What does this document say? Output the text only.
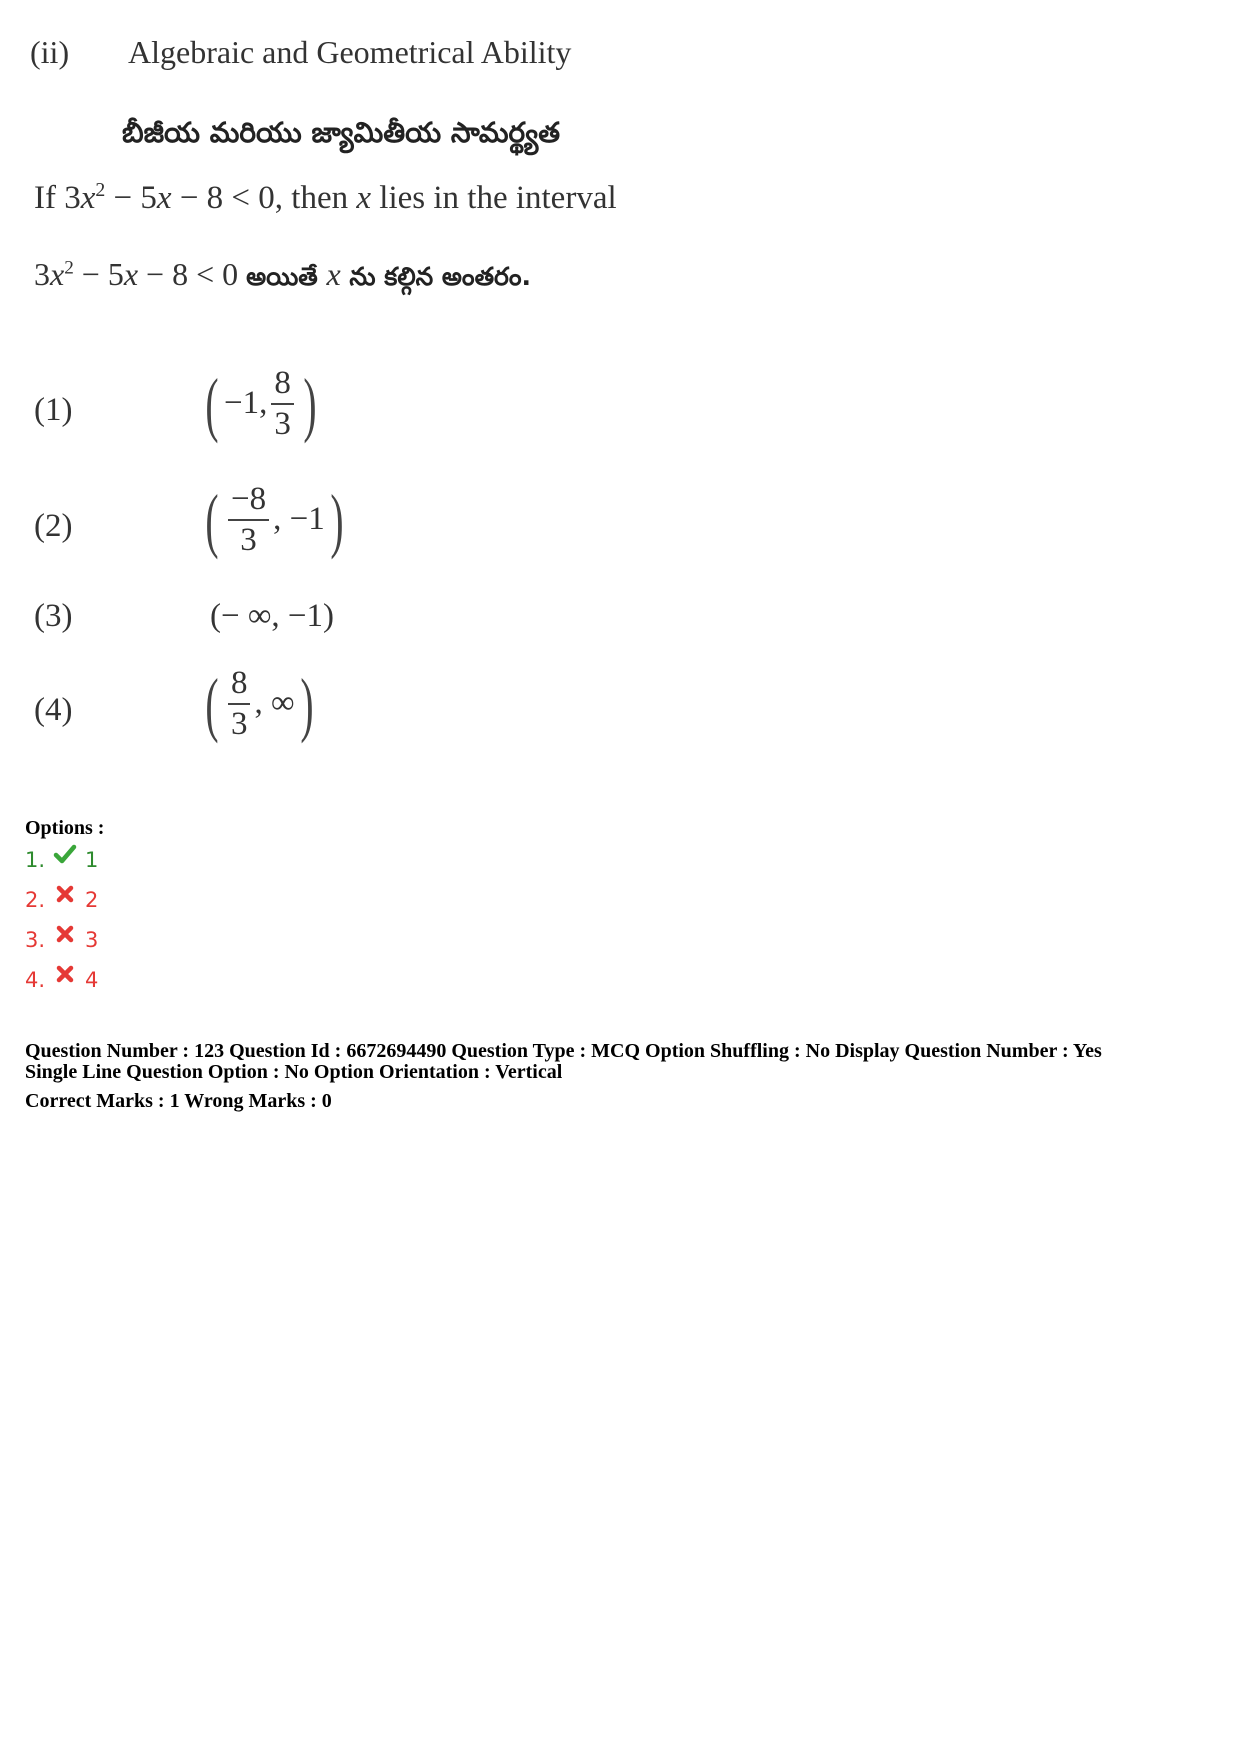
(ii) Algebraic and Geometrical Ability
బీజీయ మరియు జ్యామితీయ సామర్థ్యత
If $3x^2 - 5x - 8 < 0$, then x lies in the interval
$3x^2 - 5x - 8 < 0$ అయితే x ను కల్గిన అంతరం.
(1) ( −1, $\frac{8}{3}$ )
(2) ( $\frac{-8}{3}$ , −1 )
(3)	(− ∞, −1)
(4) ( $\frac{8}{3}$ , ∞ )
Options :
1. 1
2. 2
3. 3
4. 4
Question Number : 123 Question Id : 6672694490 Question Type : MCQ Option Shuffling : No Display Question Number : Yes
Single Line Question Option : No Option Orientation : Vertical
Correct Marks : 1 Wrong Marks : 0
